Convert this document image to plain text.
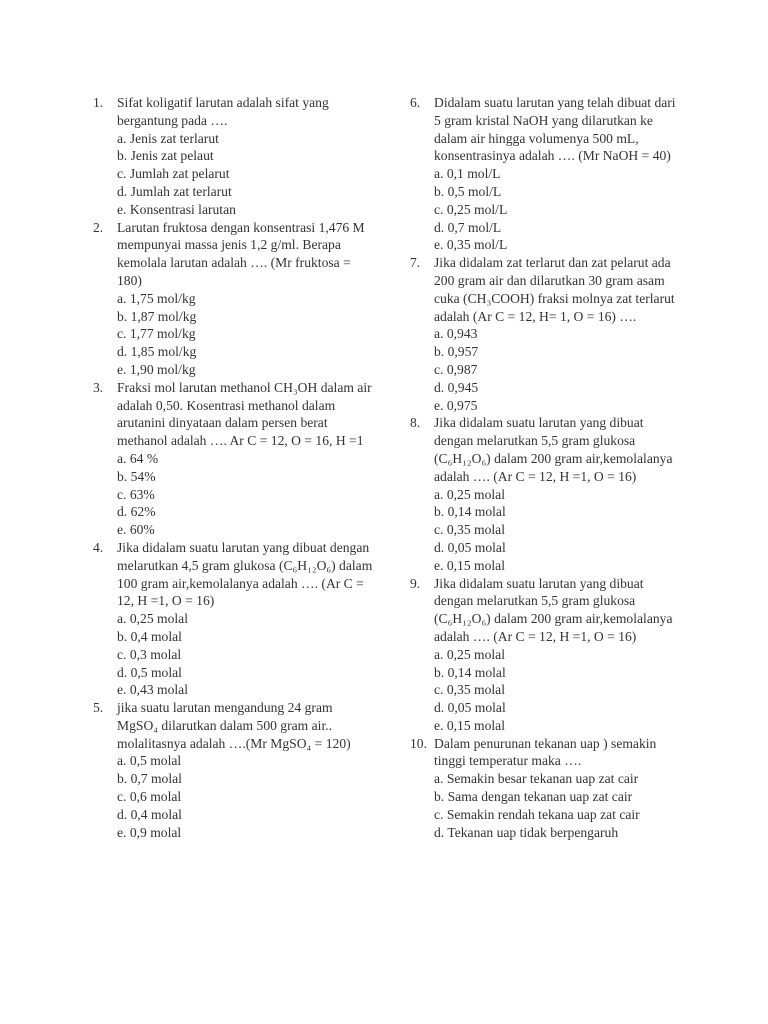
1. Sifat koligatif larutan adalah sifat yang bergantung pada ….
a. Jenis zat terlarut
b. Jenis zat pelaut
c. Jumlah zat pelarut
d. Jumlah zat terlarut
e. Konsentrasi larutan
2. Larutan fruktosa dengan konsentrasi 1,476 M mempunyai massa jenis 1,2 g/ml. Berapa kemolala larutan adalah …. (Mr fruktosa = 180)
a. 1,75 mol/kg
b. 1,87 mol/kg
c. 1,77 mol/kg
d. 1,85 mol/kg
e. 1,90 mol/kg
3. Fraksi mol larutan methanol CH₃OH dalam air adalah 0,50. Kosentrasi methanol dalam arutanini dinyataan dalam persen berat methanol adalah …. Ar C = 12, O = 16, H =1
a. 64 %
b. 54%
c. 63%
d. 62%
e. 60%
4. Jika didalam suatu larutan yang dibuat dengan melarutkan 4,5 gram glukosa (C₆H₁₂O₆) dalam 100 gram air,kemolalanya adalah …. (Ar C = 12, H =1, O = 16)
a. 0,25 molal
b. 0,4 molal
c. 0,3 molal
d. 0,5 molal
e. 0,43 molal
5. jika suatu larutan mengandung 24 gram MgSO₄ dilarutkan dalam 500 gram air.. molalitasnya adalah ….(Mr MgSO₄ = 120)
a. 0,5 molal
b. 0,7 molal
c. 0,6 molal
d. 0,4 molal
e. 0,9 molal
6. Didalam suatu larutan yang telah dibuat dari 5 gram kristal NaOH yang dilarutkan ke dalam air hingga volumenya 500 mL, konsentrasinya adalah …. (Mr NaOH = 40)
a. 0,1 mol/L
b. 0,5 mol/L
c. 0,25 mol/L
d. 0,7 mol/L
e. 0,35 mol/L
7. Jika didalam zat terlarut dan zat pelarut ada 200 gram air dan dilarutkan 30 gram asam cuka (CH₃COOH) fraksi molnya zat terlarut adalah (Ar C = 12, H= 1, O = 16) ….
a. 0,943
b. 0,957
c. 0,987
d. 0,945
e. 0,975
8. Jika didalam suatu larutan yang dibuat dengan melarutkan 5,5 gram glukosa (C₆H₁₂O₆) dalam 200 gram air,kemolalanya adalah …. (Ar C = 12, H =1, O = 16)
a. 0,25 molal
b. 0,14 molal
c. 0,35 molal
d. 0,05 molal
e. 0,15 molal
9. Jika didalam suatu larutan yang dibuat dengan melarutkan 5,5 gram glukosa (C₆H₁₂O₆) dalam 200 gram air,kemolalanya adalah …. (Ar C = 12, H =1, O = 16)
a. 0,25 molal
b. 0,14 molal
c. 0,35 molal
d. 0,05 molal
e. 0,15 molal
10. Dalam penurunan tekanan uap ) semakin tinggi temperatur maka ….
a. Semakin besar tekanan uap zat cair
b. Sama dengan tekanan uap zat cair
c. Semakin rendah tekana uap zat cair
d. Tekanan uap tidak berpengaruh
